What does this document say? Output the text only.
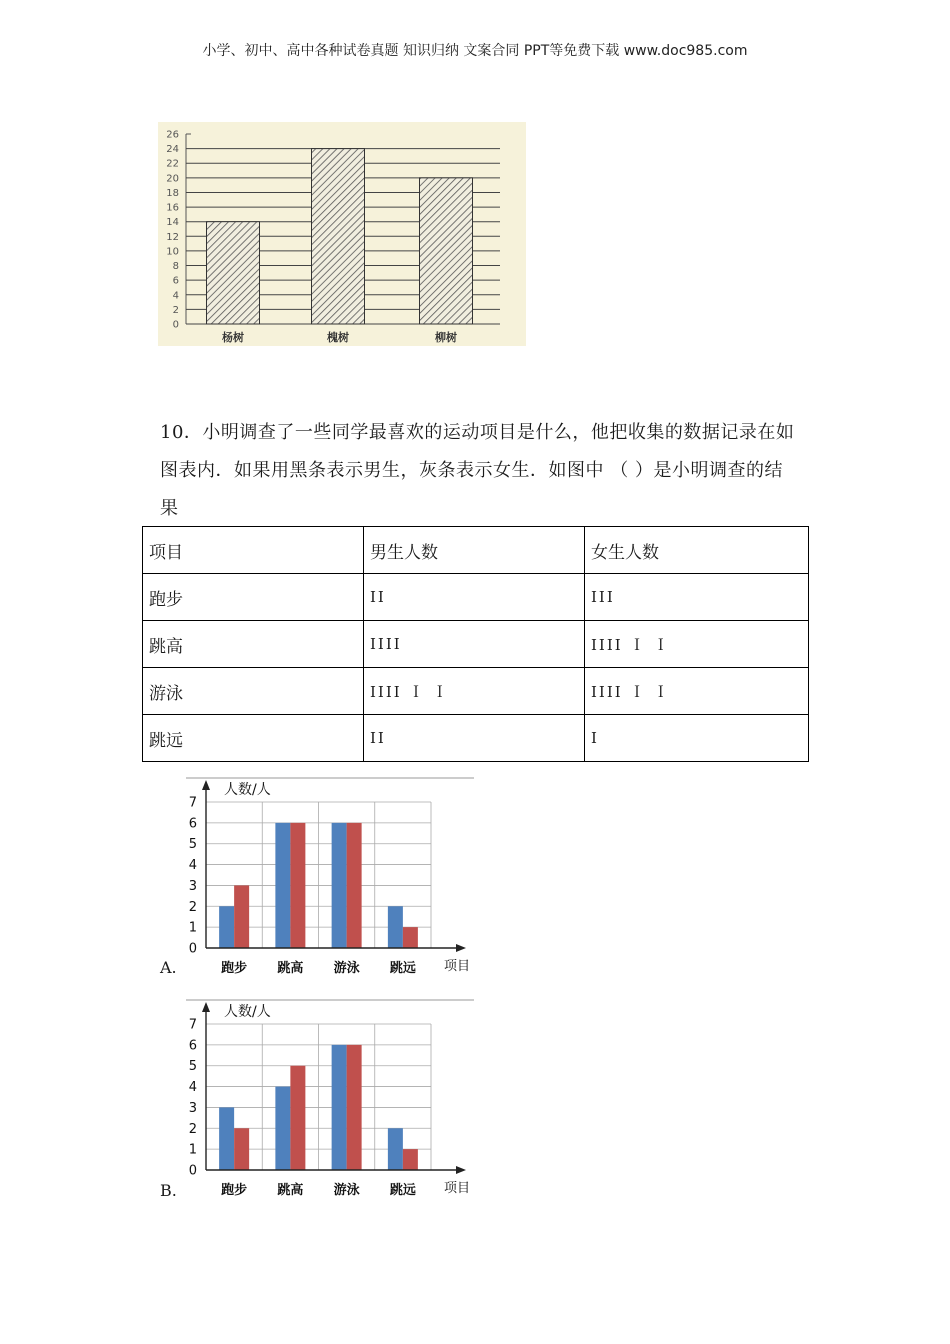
小学、初中、高中各种试卷真题 知识归纳 文案合同 PPT等免费下载 www.doc985.com
0
2
4
6
8
10
12
14
16
18
20
22
24
26
杨树	槐树	柳树
10．小明调查了一些同学最喜欢的运动项目是什么，他把收集的数据记录在如图表内．如果用黑条表示男生，灰条表示女生．如图中 （ ）是小明调查的结果
项目	男生人数	女生人数
跑步	II	III
跳高	IIII	IIII Ｉ Ｉ
游泳	IIII Ｉ Ｉ	IIII Ｉ Ｉ
跳远	II	I
0
1
2
3
4
5
6
7
跑步 跳高 游泳 跳远
人数/人
项目
A.
0
1
2
3
4
5
6
7
跑步 跳高 游泳 跳远
人数/人
项目
B.
